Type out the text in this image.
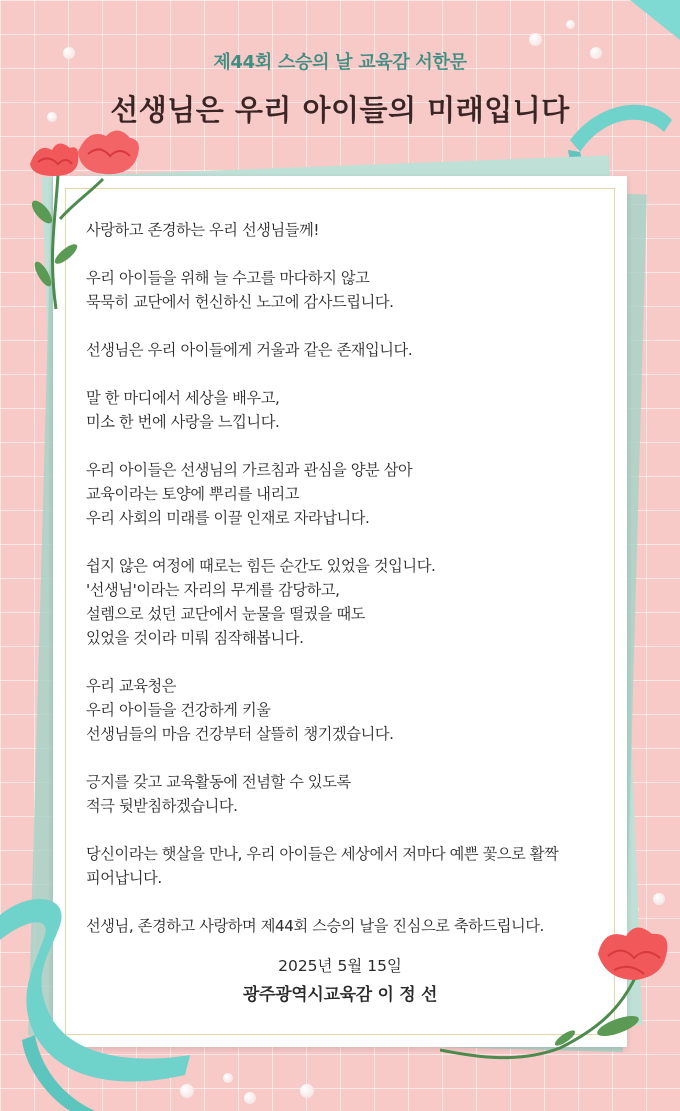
제44회 스승의 날 교육감 서한문
선생님은 우리 아이들의 미래입니다
사랑하고 존경하는 우리 선생님들께!
우리 아이들을 위해 늘 수고를 마다하지 않고
묵묵히 교단에서 헌신하신 노고에 감사드립니다.
선생님은 우리 아이들에게 거울과 같은 존재입니다.
말 한 마디에서 세상을 배우고,
미소 한 번에 사랑을 느낍니다.
우리 아이들은 선생님의 가르침과 관심을 양분 삼아
교육이라는 토양에 뿌리를 내리고
우리 사회의 미래를 이끌 인재로 자라납니다.
쉽지 않은 여정에 때로는 힘든 순간도 있었을 것입니다.
'선생님'이라는 자리의 무게를 감당하고,
설렘으로 섰던 교단에서 눈물을 떨궜을 때도
있었을 것이라 미뤄 짐작해봅니다.
우리 교육청은
우리 아이들을 건강하게 키울
선생님들의 마음 건강부터 살뜰히 챙기겠습니다.
긍지를 갖고 교육활동에 전념할 수 있도록
적극 뒷받침하겠습니다.
당신이라는 햇살을 만나, 우리 아이들은 세상에서 저마다 예쁜 꽃으로 활짝
피어납니다.
선생님, 존경하고 사랑하며 제44회 스승의 날을 진심으로 축하드립니다.
2025년 5월 15일
광주광역시교육감 이 정 선
